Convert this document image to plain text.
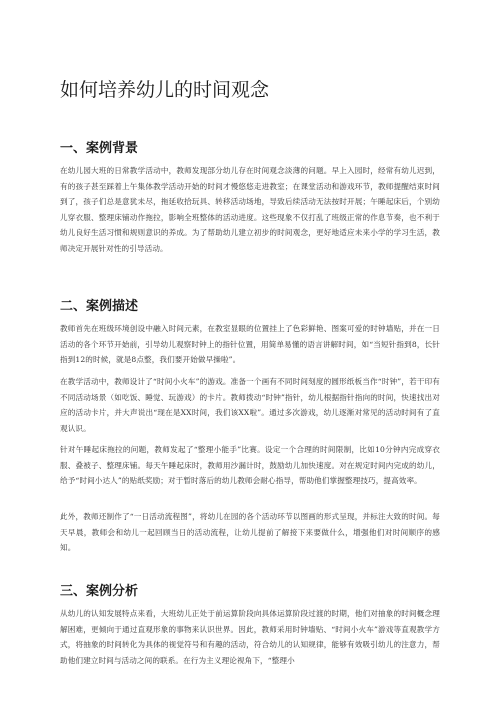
如何培养幼儿的时间观念
一、案例背景

在幼儿园大班的日常教学活动中，教师发现部分幼儿存在时间观念淡薄的问题。早上入园时，经常有幼儿迟到，有的孩子甚至踩着上午集体教学活动开始的时间才慢悠悠走进教室；在课堂活动和游戏环节，教师提醒结束时间到了，孩子们总是意犹未尽，拖延收拾玩具、转移活动场地，导致后续活动无法按时开展；午睡起床后，个别幼儿穿衣服、整理床铺动作拖拉，影响全班整体的活动进度。这些现象不仅打乱了班级正常的作息节奏，也不利于幼儿良好生活习惯和规则意识的养成。为了帮助幼儿建立初步的时间观念，更好地适应未来小学的学习生活，教师决定开展针对性的引导活动。

二、案例描述

教师首先在班级环境创设中融入时间元素，在教室显眼的位置挂上了色彩鲜艳、图案可爱的时钟墙贴，并在一日活动的各个环节开始前，引导幼儿观察时钟上的指针位置，用简单易懂的语言讲解时间，如“当短针指到8，长针指到12的时候，就是8点整，我们要开始做早操啦”。

在教学活动中，教师设计了“时间小火车”的游戏。准备一个画有不同时间刻度的圆形纸板当作“时钟”，若干印有不同活动场景（如吃饭、睡觉、玩游戏）的卡片。教师拨动“时钟”指针，幼儿根据指针指向的时间，快速找出对应的活动卡片，并大声说出“现在是XX时间，我们该XX啦”。通过多次游戏，幼儿逐渐对常见的活动时间有了直观认识。

针对午睡起床拖拉的问题，教师发起了“整理小能手”比赛。设定一个合理的时间限制，比如10分钟内完成穿衣服、叠被子、整理床铺。每天午睡起床时，教师用沙漏计时，鼓励幼儿加快速度。对在规定时间内完成的幼儿，给予“时间小达人”的贴纸奖励；对于暂时落后的幼儿教师会耐心指导，帮助他们掌握整理技巧，提高效率。

此外，教师还制作了“一日活动流程图”，将幼儿在园的各个活动环节以图画的形式呈现，并标注大致的时间。每天早晨，教师会和幼儿一起回顾当日的活动流程，让幼儿提前了解接下来要做什么，增强他们对时间顺序的感知。

三、案例分析

从幼儿的认知发展特点来看，大班幼儿正处于前运算阶段向具体运算阶段过渡的时期，他们对抽象的时间概念理解困难，更倾向于通过直观形象的事物来认识世界。因此，教师采用时钟墙贴、“时间小火车”游戏等直观教学方式，将抽象的时间转化为具体的视觉符号和有趣的活动，符合幼儿的认知规律，能够有效吸引幼儿的注意力，帮助他们建立时间与活动之间的联系。在行为主义理论视角下，“整理小
